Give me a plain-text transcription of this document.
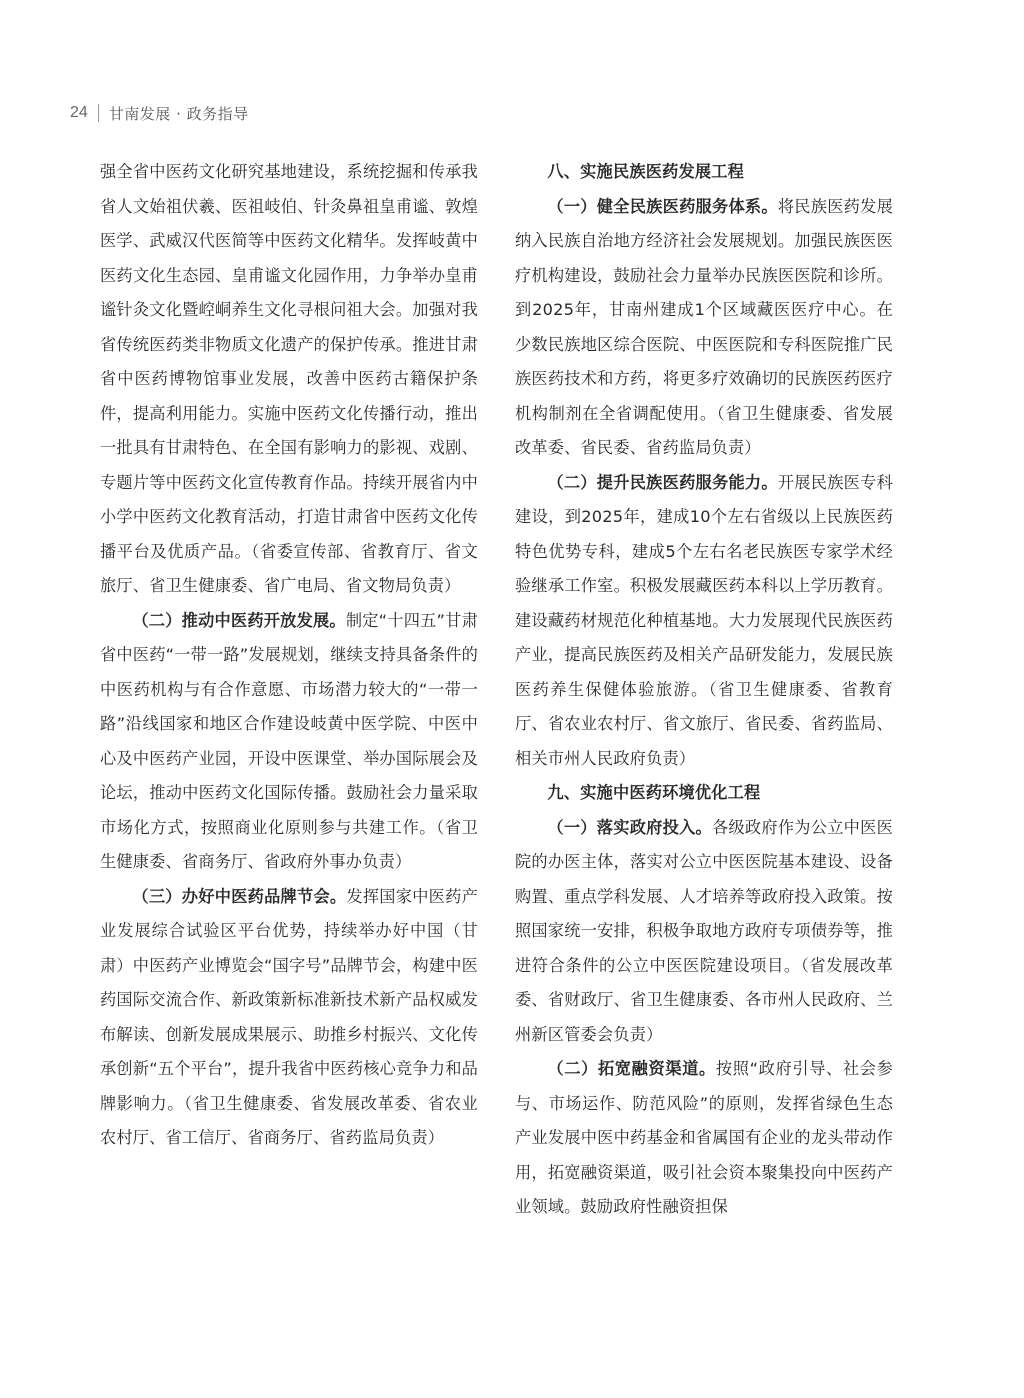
24 甘南发展 · 政务指导

强全省中医药文化研究基地建设，系统挖掘和传承我省人文始祖伏羲、医祖岐伯、针灸鼻祖皇甫谧、敦煌医学、武威汉代医简等中医药文化精华。发挥岐黄中医药文化生态园、皇甫谧文化园作用，力争举办皇甫谧针灸文化暨崆峒养生文化寻根问祖大会。加强对我省传统医药类非物质文化遗产的保护传承。推进甘肃省中医药博物馆事业发展，改善中医药古籍保护条件，提高利用能力。实施中医药文化传播行动，推出一批具有甘肃特色、在全国有影响力的影视、戏剧、专题片等中医药文化宣传教育作品。持续开展省内中小学中医药文化教育活动，打造甘肃省中医药文化传播平台及优质产品。（省委宣传部、省教育厅、省文旅厅、省卫生健康委、省广电局、省文物局负责）

（二）推动中医药开放发展。制定“十四五”甘肃省中医药“一带一路”发展规划，继续支持具备条件的中医药机构与有合作意愿、市场潜力较大的“一带一路”沿线国家和地区合作建设岐黄中医学院、中医中心及中医药产业园，开设中医课堂、举办国际展会及论坛，推动中医药文化国际传播。鼓励社会力量采取市场化方式，按照商业化原则参与共建工作。（省卫生健康委、省商务厅、省政府外事办负责）

（三）办好中医药品牌节会。发挥国家中医药产业发展综合试验区平台优势，持续举办好中国（甘肃）中医药产业博览会“国字号”品牌节会，构建中医药国际交流合作、新政策新标准新技术新产品权威发布解读、创新发展成果展示、助推乡村振兴、文化传承创新“五个平台”，提升我省中医药核心竞争力和品牌影响力。（省卫生健康委、省发展改革委、省农业农村厅、省工信厅、省商务厅、省药监局负责）

八、实施民族医药发展工程

（一）健全民族医药服务体系。将民族医药发展纳入民族自治地方经济社会发展规划。加强民族医医疗机构建设，鼓励社会力量举办民族医医院和诊所。到2025年，甘南州建成1个区域藏医医疗中心。在少数民族地区综合医院、中医医院和专科医院推广民族医药技术和方药，将更多疗效确切的民族医药医疗机构制剂在全省调配使用。（省卫生健康委、省发展改革委、省民委、省药监局负责）

（二）提升民族医药服务能力。开展民族医专科建设，到2025年，建成10个左右省级以上民族医药特色优势专科，建成5个左右名老民族医专家学术经验继承工作室。积极发展藏医药本科以上学历教育。建设藏药材规范化种植基地。大力发展现代民族医药产业，提高民族医药及相关产品研发能力，发展民族医药养生保健体验旅游。（省卫生健康委、省教育厅、省农业农村厅、省文旅厅、省民委、省药监局、相关市州人民政府负责）

九、实施中医药环境优化工程

（一）落实政府投入。各级政府作为公立中医医院的办医主体，落实对公立中医医院基本建设、设备购置、重点学科发展、人才培养等政府投入政策。按照国家统一安排，积极争取地方政府专项债券等，推进符合条件的公立中医医院建设项目。（省发展改革委、省财政厅、省卫生健康委、各市州人民政府、兰州新区管委会负责）

（二）拓宽融资渠道。按照“政府引导、社会参与、市场运作、防范风险”的原则，发挥省绿色生态产业发展中医中药基金和省属国有企业的龙头带动作用，拓宽融资渠道，吸引社会资本聚集投向中医药产业领域。鼓励政府性融资担保
